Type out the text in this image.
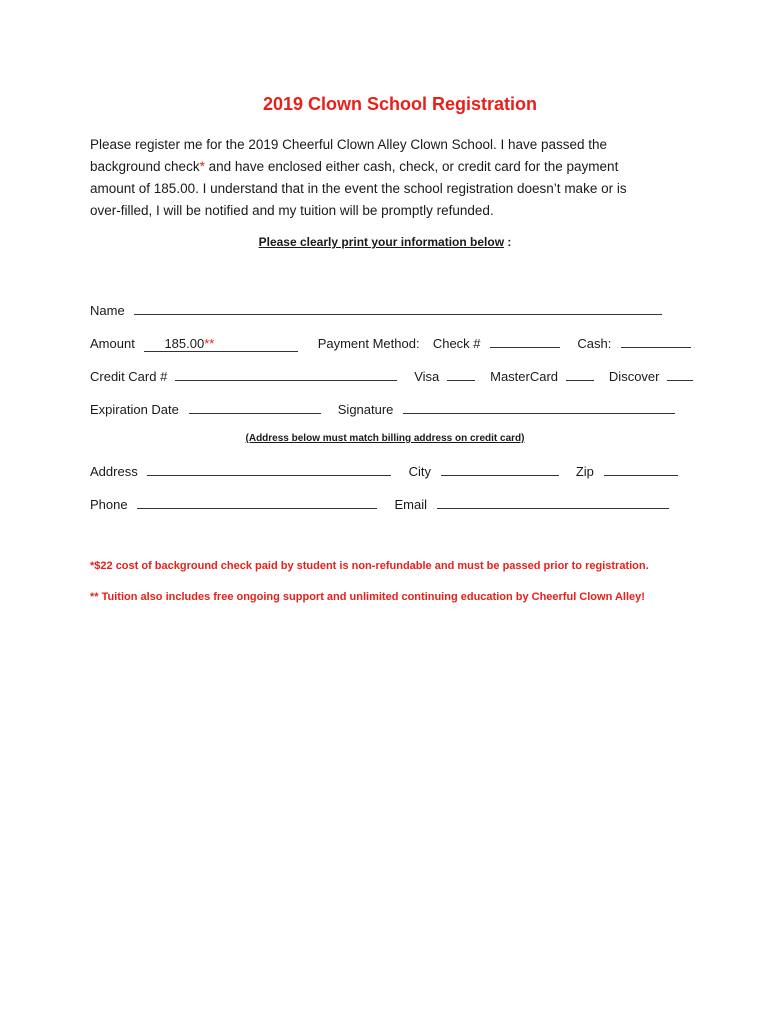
2019 Clown School Registration
Please register me for the 2019 Cheerful Clown Alley Clown School. I have passed the
background check* and have enclosed either cash, check, or credit card for the payment
amount of 185.00. I understand that in the event the school registration doesn’t make or is
over-filled, I will be notified and my tuition will be promptly refunded.
Please clearly print your information below :
Name
Amount 185.00**	Payment Method: Check #	Cash:
Credit Card #	Visa	MasterCard	Discover
Expiration Date	Signature
(Address below must match billing address on credit card)
Address	City	Zip
Phone	Email
*$22 cost of background check paid by student is non-refundable and must be passed prior to registration.
** Tuition also includes free ongoing support and unlimited continuing education by Cheerful Clown Alley!
